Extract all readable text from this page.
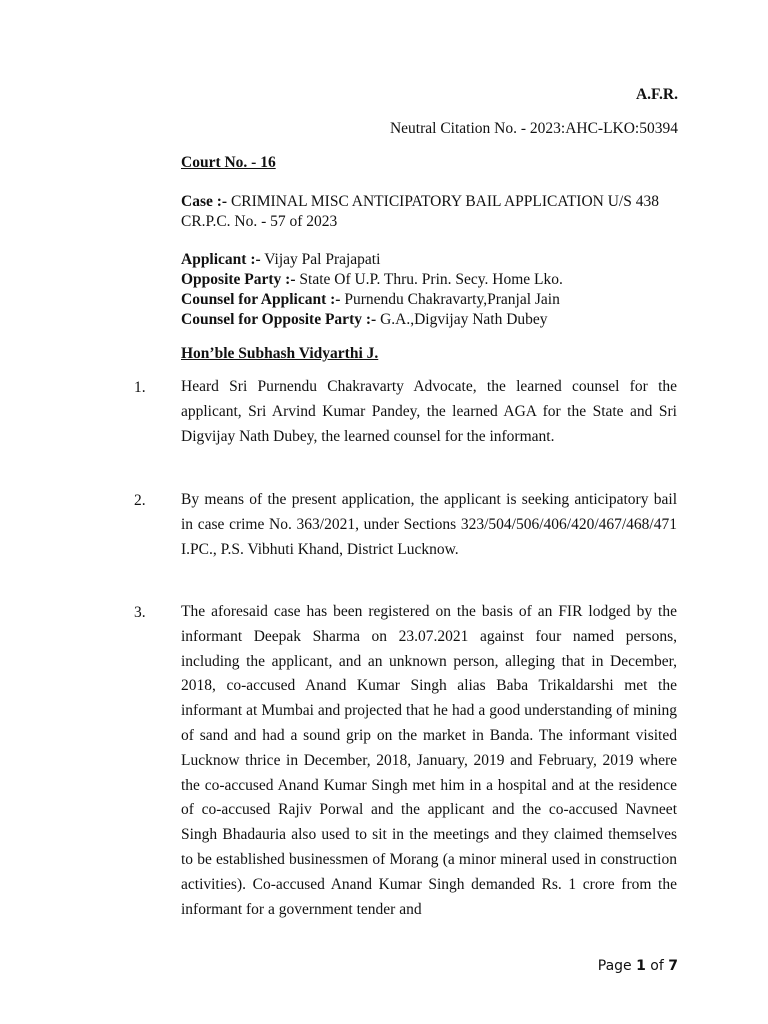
A.F.R.
Neutral Citation No. - 2023:AHC-LKO:50394
Court No. - 16
Case :- CRIMINAL MISC ANTICIPATORY BAIL APPLICATION U/S 438 CR.P.C. No. - 57 of 2023
Applicant :- Vijay Pal Prajapati
Opposite Party :- State Of U.P. Thru. Prin. Secy. Home Lko.
Counsel for Applicant :- Purnendu Chakravarty,Pranjal Jain
Counsel for Opposite Party :- G.A.,Digvijay Nath Dubey
Hon’ble Subhash Vidyarthi J.
1. Heard Sri Purnendu Chakravarty Advocate, the learned counsel for the applicant, Sri Arvind Kumar Pandey, the learned AGA for the State and Sri Digvijay Nath Dubey, the learned counsel for the informant.
2. By means of the present application, the applicant is seeking anticipatory bail in case crime No. 363/2021, under Sections 323/504/506/406/420/467/468/471 I.PC., P.S. Vibhuti Khand, District Lucknow.
3. The aforesaid case has been registered on the basis of an FIR lodged by the informant Deepak Sharma on 23.07.2021 against four named persons, including the applicant, and an unknown person, alleging that in December, 2018, co-accused Anand Kumar Singh alias Baba Trikaldarshi met the informant at Mumbai and projected that he had a good understanding of mining of sand and had a sound grip on the market in Banda. The informant visited Lucknow thrice in December, 2018, January, 2019 and February, 2019 where the co-accused Anand Kumar Singh met him in a hospital and at the residence of co-accused Rajiv Porwal and the applicant and the co-accused Navneet Singh Bhadauria also used to sit in the meetings and they claimed themselves to be established businessmen of Morang (a minor mineral used in construction activities). Co-accused Anand Kumar Singh demanded Rs. 1 crore from the informant for a government tender and
Page 1 of 7
